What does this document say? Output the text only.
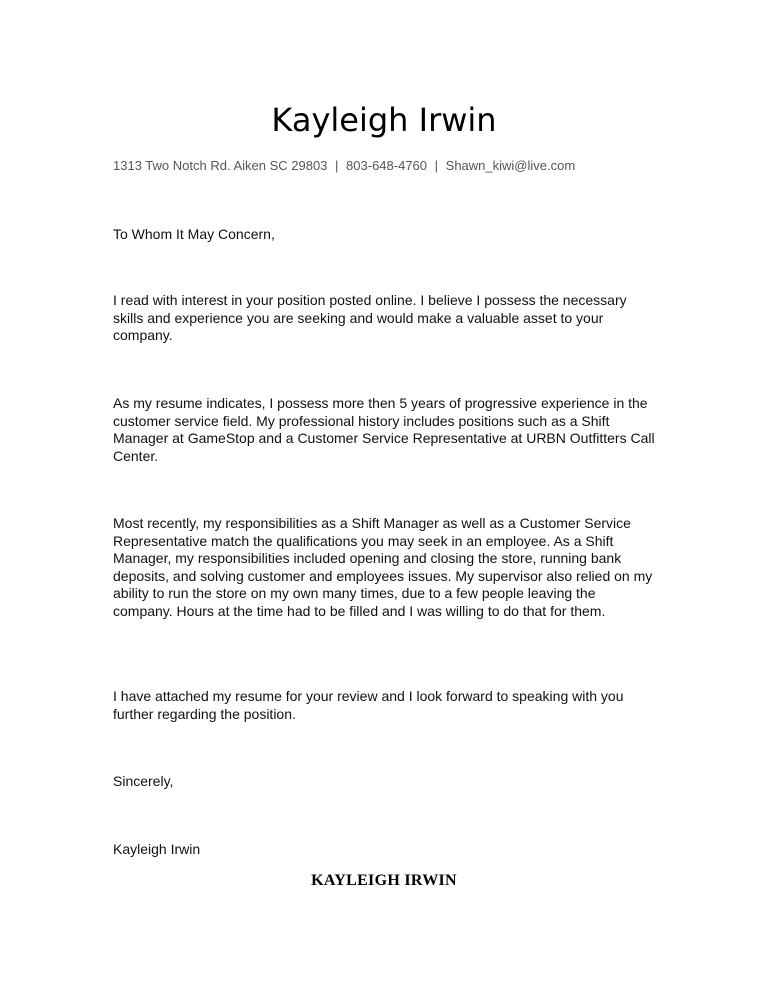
Kayleigh Irwin
1313 Two Notch Rd. Aiken SC 29803 | 803-648-4760 | Shawn_kiwi@live.com
To Whom It May Concern,
I read with interest in your position posted online. I believe I possess the necessary skills and experience you are seeking and would make a valuable asset to your company.
As my resume indicates, I possess more then 5 years of progressive experience in the customer service field. My professional history includes positions such as a Shift Manager at GameStop and a Customer Service Representative at URBN Outfitters Call Center.
Most recently, my responsibilities as a Shift Manager as well as a Customer Service Representative match the qualifications you may seek in an employee. As a Shift Manager, my responsibilities included opening and closing the store, running bank deposits, and solving customer and employees issues. My supervisor also relied on my ability to run the store on my own many times, due to a few people leaving the company. Hours at the time had to be filled and I was willing to do that for them.
I have attached my resume for your review and I look forward to speaking with you further regarding the position.
Sincerely,
Kayleigh Irwin
KAYLEIGH IRWIN
